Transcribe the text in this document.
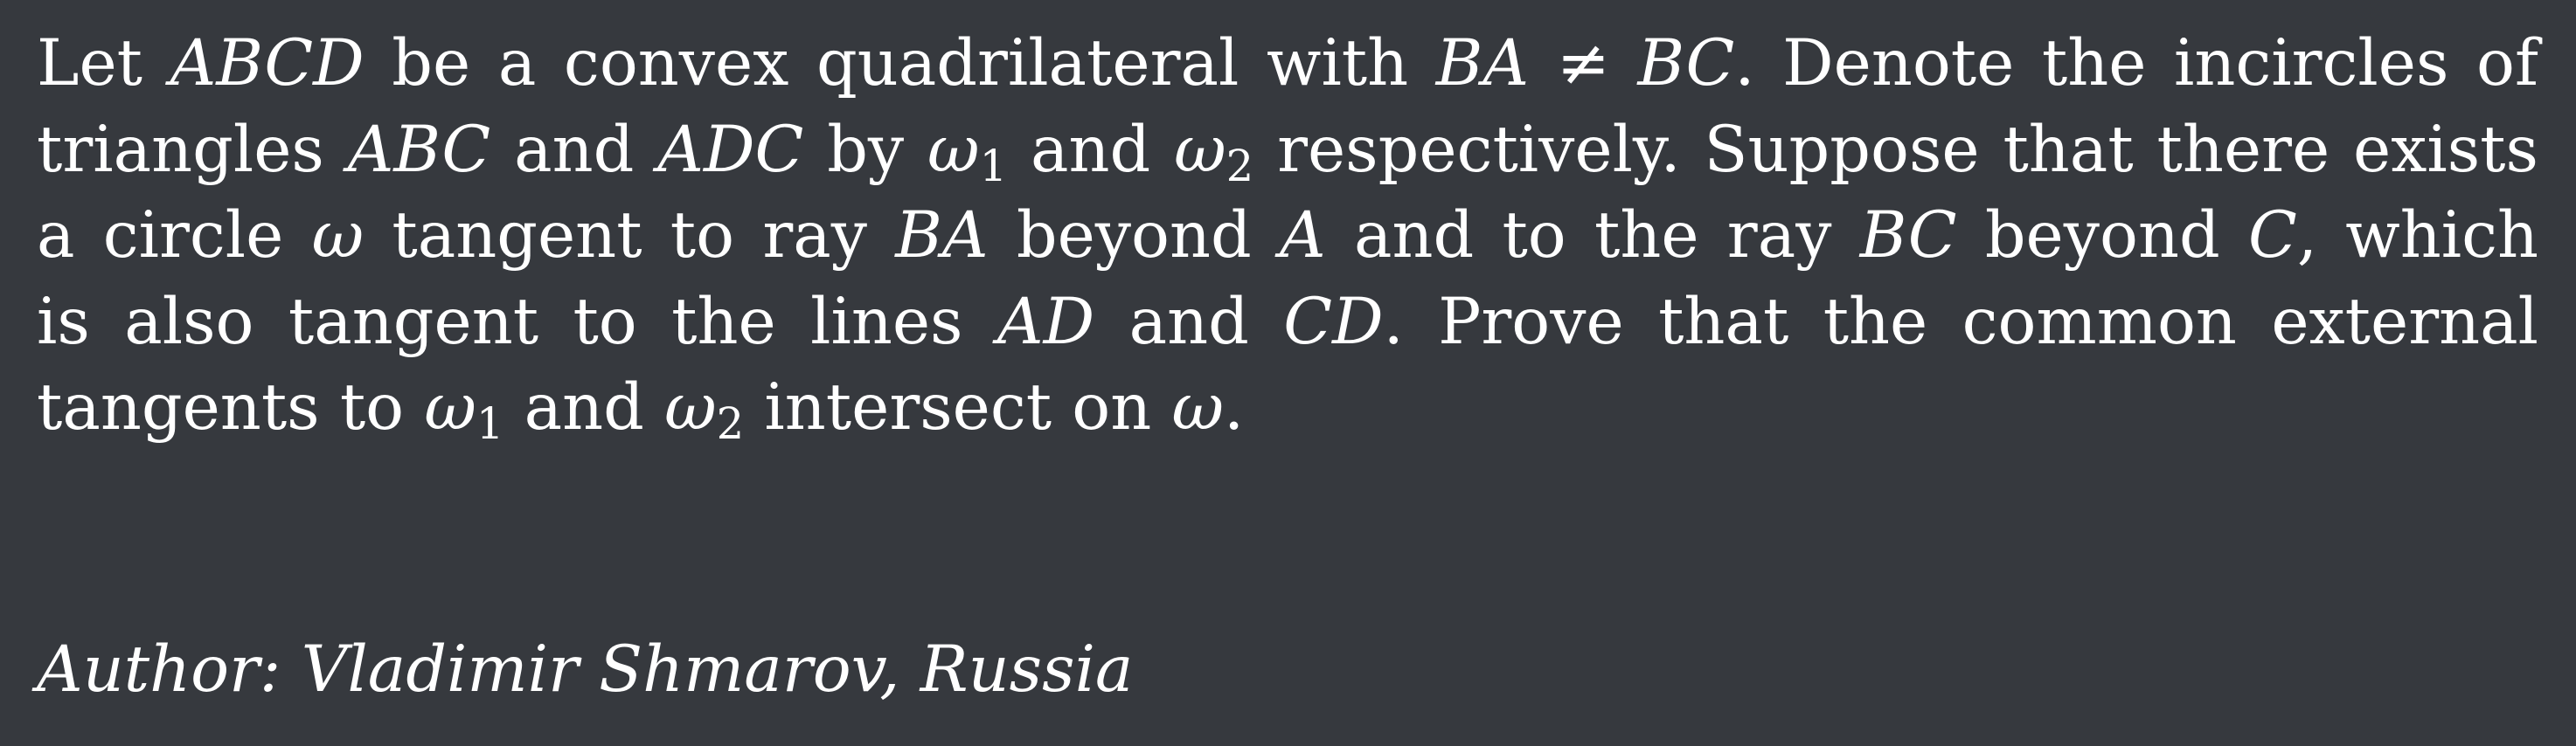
Let ABCD be a convex quadrilateral with BA ≠ BC. Denote the incircles of
triangles ABC and ADC by $\omega_1$ and $\omega_2$ respectively. Suppose that there exists
a circle ω tangent to ray BA beyond A and to the ray BC beyond C, which
is also tangent to the lines AD and CD. Prove that the common external
tangents to $\omega_1$ and $\omega_2$ intersect on ω.

Author: Vladimir Shmarov, Russia
